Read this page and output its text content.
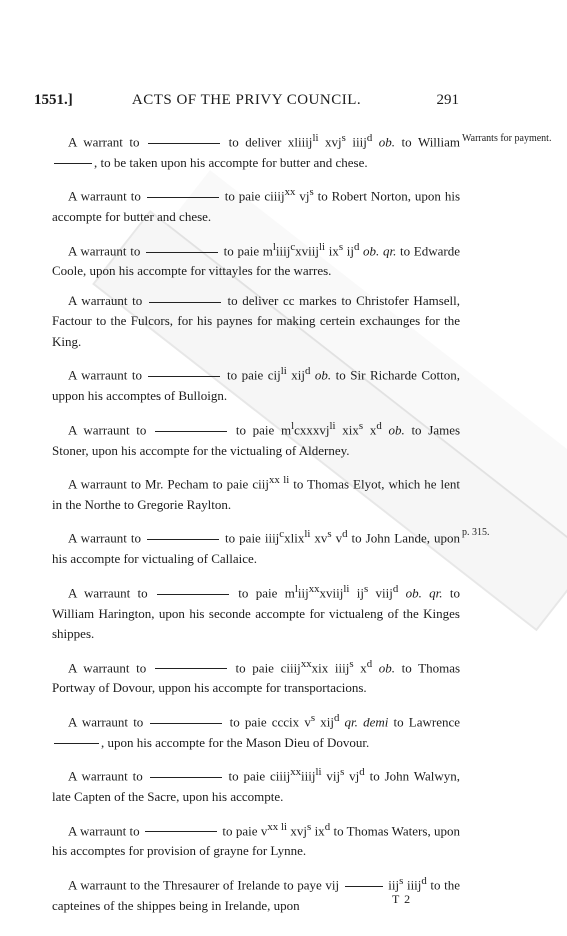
1551.]	ACTS OF THE PRIVY COUNCIL.	291
Warrants for payment.
p. 315.

A warrant to	to deliver xliiij$^{li}$ xvj$^s$ iiij$^d$ ob. to William , to be taken upon his accompte for butter and chese.

A warraunt to	to paie ciiij$^{xx}$ $vj^s$ to Robert Norton, upon his accompte for butter and chese.

A warraunt to	to paie $m^liiij^cxviij^{li}$ $ix^s$ $ij^d$ ob. qr. to Edwarde Coole, upon his accompte for vittayles for the warres.

A warraunt to	to deliver cc markes to Christofer Hamsell, Factour to the Fulcors, for his paynes for making certein exchaunges for the King.

A warraunt to	to paie cij$^{li}$ xij$^d$ ob. to Sir Richarde Cotton, uppon his accomptes of Bulloign.

A warraunt to	to paie $m^lcxxxvj^{li}$ xix$^s$ $x^d$ ob. to James Stoner, upon his accompte for the victualing of Alderney.

A warraunt to Mr. Pecham to paie ciij$^{xx li}$ to Thomas Elyot, which he lent in the Northe to Gregorie Raylton.

A warraunt to	to paie iiij$^c$xlix$^{li}$ $xv^s$ $v^d$ to John Lande, upon his accompte for victualing of Callaice.

A warraunt to	to paie $m^liij^{xx}xviij^{li}$ $ij^s$ viij$^d$ ob. qr. to William Harington, upon his seconde accompte for victualeng of the Kinges shippes.

A warraunt to	to paie ciiij$^{xx}$xix iiij$^s$ $x^d$ ob. to Thomas Portway of Dovour, uppon his accompte for transportacions.

A warraunt to	to paie cccix $v^s$ xij$^d$ qr. demi to Lawrence , upon his accompte for the Mason Dieu of Dovour.

A warraunt to	to paie ciiij$^{xx}$iiij$^{li}$ vij$^s$ $vj^d$ to John Walwyn, late Capten of the Sacre, upon his accompte.

A warraunt to	to paie $v^{xx li}$ xvj$^s$ $ix^d$ to Thomas Waters, upon his accomptes for provision of grayne for Lynne.

A warraunt to the Thresaurer of Irelande to paye vij	iij$^s$ iiij$^d$ to the capteines of the shippes being in Irelande, upon	T 2
